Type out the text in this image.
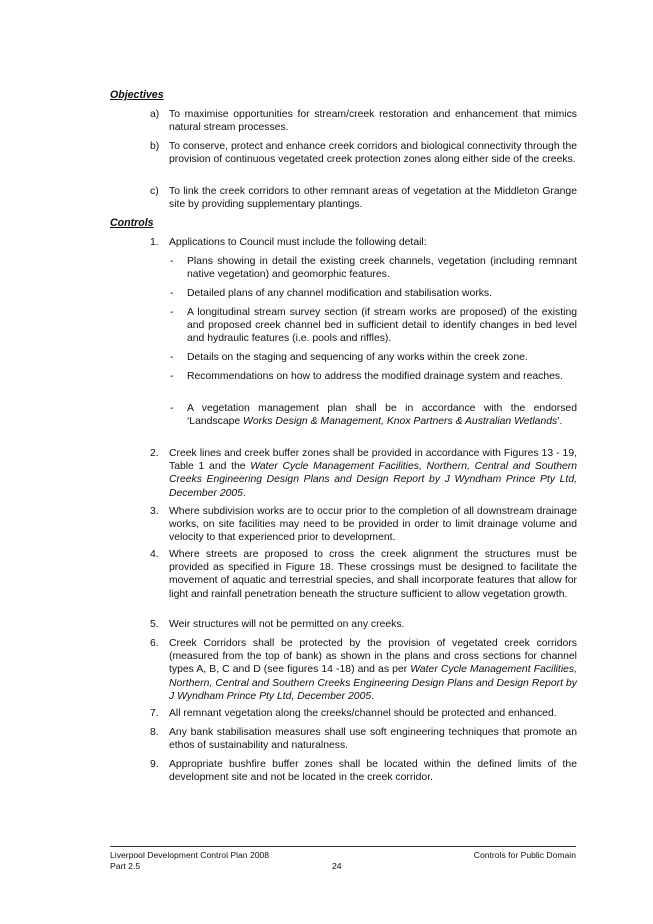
Objectives
a) To maximise opportunities for stream/creek restoration and enhancement that mimics natural stream processes.
b) To conserve, protect and enhance creek corridors and biological connectivity through the provision of continuous vegetated creek protection zones along either side of the creeks.
c) To link the creek corridors to other remnant areas of vegetation at the Middleton Grange site by providing supplementary plantings.
Controls
1. Applications to Council must include the following detail:
-	Plans showing in detail the existing creek channels, vegetation (including remnant native vegetation) and geomorphic features.
-	Detailed plans of any channel modification and stabilisation works.
-	A longitudinal stream survey section (if stream works are proposed) of the existing and proposed creek channel bed in sufficient detail to identify changes in bed level and hydraulic features (i.e. pools and riffles).
-	Details on the staging and sequencing of any works within the creek zone.
-	Recommendations on how to address the modified drainage system and reaches.
-	A vegetation management plan shall be in accordance with the endorsed ‘Landscape Works Design & Management, Knox Partners & Australian Wetlands’.
2. Creek lines and creek buffer zones shall be provided in accordance with Figures 13 - 19, Table 1 and the Water Cycle Management Facilities, Northern, Central and Southern Creeks Engineering Design Plans and Design Report by J Wyndham Prince Pty Ltd, December 2005.
3. Where subdivision works are to occur prior to the completion of all downstream drainage works, on site facilities may need to be provided in order to limit drainage volume and velocity to that experienced prior to development.
4. Where streets are proposed to cross the creek alignment the structures must be provided as specified in Figure 18. These crossings must be designed to facilitate the movement of aquatic and terrestrial species, and shall incorporate features that allow for light and rainfall penetration beneath the structure sufficient to allow vegetation growth.
5. Weir structures will not be permitted on any creeks.
6. Creek Corridors shall be protected by the provision of vegetated creek corridors (measured from the top of bank) as shown in the plans and cross sections for channel types A, B, C and D (see figures 14 -18) and as per Water Cycle Management Facilities, Northern, Central and Southern Creeks Engineering Design Plans and Design Report by J Wyndham Prince Pty Ltd, December 2005.
7. All remnant vegetation along the creeks/channel should be protected and enhanced.
8. Any bank stabilisation measures shall use soft engineering techniques that promote an ethos of sustainability and naturalness.
9. Appropriate bushfire buffer zones shall be located within the defined limits of the development site and not be located in the creek corridor.
Liverpool Development Control Plan 2008
Part 2.5	24
Controls for Public Domain
